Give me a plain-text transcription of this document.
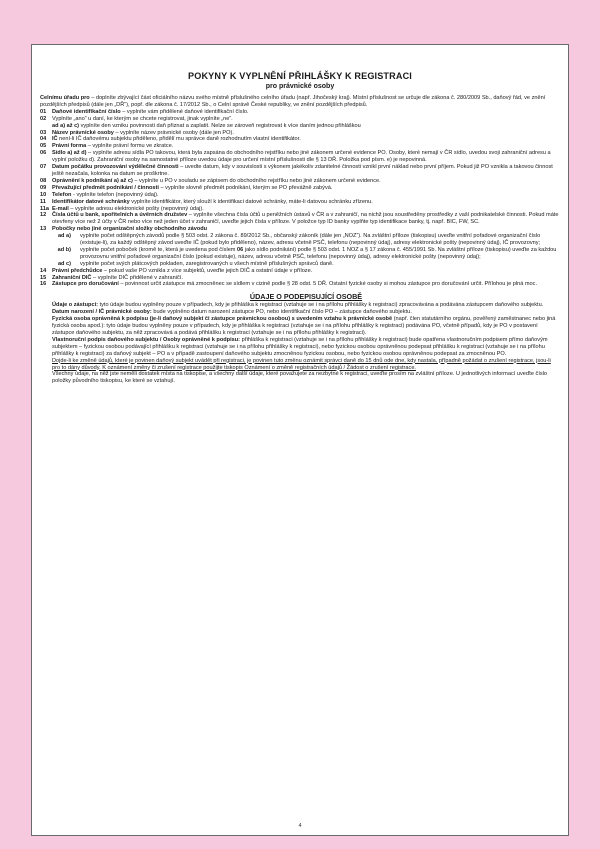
POKYNY K VYPLNĚNÍ PŘIHLÁŠKY K REGISTRACI
pro právnické osoby

Celnímu úřadu pro – doplníte zbývající část oficiálního názvu svého místně příslušného celního úřadu (např. Jihočeský kraj). Místní příslušnost se určuje dle zákona č. 280/2009 Sb., daňový řád, ve znění pozdějších předpisů (dále jen „DŘ“), popř. dle zákona č. 17/2012 Sb., o Celní správě České republiky, ve znění pozdějších předpisů.

01	Daňové identifikační číslo – vyplníte vám přidělené daňové identifikační číslo.
02	Vyplníte „ano“ u daní, ke kterým se chcete registrovat, jinak vyplníte „ne“.
ad a) až c) vyplníte den vzniku povinnosti daň přiznat a zaplatit. Nelze se zároveň registrovat k více daním jednou přihláškou
03	Název právnické osoby – vyplníte název právnické osoby (dále jen PO).
04	IČ není-li IČ daňovému subjektu přiděleno, přidělí mu správce daně rozhodnutím vlastní identifikátor.
05	Právní forma – vyplníte právní formu ve zkratce.
06	Sídlo a) až d) – vyplníte adresu sídla PO takovou, která byla zapsána do obchodního rejstříku nebo jiné zákonem určené evidence PO. Osoby, které nemají v ČR sídlo, uvedou svoji zahraniční adresu a vyplní položku d). Zahraniční osoby na samostatné příloze uvedou údaje pro určení místní příslušnosti dle § 13 DŘ. Položka pod písm. e) je nepovinná.
07	Datum počátku provozování výdělečné činnosti – uvedte datum, kdy v souvislosti s výkonem jakékoliv zdanitelné činnosti vznikl první náklad nebo první příjem. Pokud již PO vznikla a takovou činnost ještě nezačala, kolonka na datum se proškrtne.
08	Oprávnění k podnikání a) až c) – vyplníte u PO v souladu se zápisem do obchodního rejstříku nebo jiné zákonem určené evidence.
09	Převažující předmět podnikání / činnosti – vyplníte slovně předmět podnikání, kterým se PO převážně zabývá.
10	Telefon - vyplníte telefon (nepovinný údaj).
11	Identifikátor datové schránky vyplníte identifikátor, který slouží k identifikaci datové schránky, máte-li datovou schránku zřízenu.
11a E-mail – vyplníte adresu elektronické pošty (nepovinný údaj).
12	Čísla účtů u bank, spořitelních a úvěrních družstev – vyplníte všechna čísla účtů u peněžních ústavů v ČR a v zahraničí, na nichž jsou soustředěny prostředky z vaší podnikatelské činnosti. Pokud máte otevřeny více než 2 účty v ČR nebo více než jeden účet v zahraničí, uveďte jejich čísla v příloze. V položce typ ID banky vyplňte typ identifikace banky, tj. např. BIC, FW, SC.
13	Pobočky nebo jiné organizační složky obchodního závodu
ad a)	vyplníte počet odštěpných závodů podle § 503 odst. 2 zákona č. 89/2012 Sb., občanský zákoník (dále jen „NOZ“). Na zvláštní příloze (tiskopisu) uveďte vnitřní pořadové organizační číslo (existuje-li), za každý odštěpný závod uveďte IČ (pokud bylo přiděleno), název, adresu včetně PSČ, telefonu (nepovinný údaj), adresy elektronické pošty (nepovinný údaj), IČ provozovny;
ad b)	vyplníte počet poboček (kromě te, která je uvedena pod číslem 06 jako sídlo podnikání) podle § 503 odst. 1 NOZ a § 17 zákona č. 455/1991 Sb. Na zvláštní příloze (tiskopisu) uveďte za každou provozovnu vnitřní pořadové organizační číslo (pokud existuje), název, adresu včetně PSČ, telefonu (nepovinný údaj), adresy elektronické pošty (nepovinný údaj);
ad c)	vyplníte počet svých plátcových pokladen, zaregistrovaných u všech místně příslušných správců daně.
14	Právní předchůdce – pokud vaše PO vznikla z více subjektů, uveďte jejich DIČ a ostatní údaje v příloze.
15	Zahraniční DIČ – vyplníte DIČ přidělené v zahraničí.
16	Zástupce pro doručování – povinnost určit zástupce má zmocněnec se sídlem v cizině podle § 28 odst. 5 DŘ. Ostatní fyzické osoby si mohou zástupce pro doručování určit. Přílohou je plná moc.
ÚDAJE O PODEPISUJÍCÍ OSOBĚ

Údaje o zástupci: tyto údaje budou vyplněny pouze v případech, kdy je přihláška k registraci (vztahuje se i na přílohu přihlášky k registraci) zpracovávána a podávána zástupcem daňového subjektu.

Datum narození / IČ právnické osoby: bude vyplněno datum narození zástupce PO, nebo identifikační číslo PO – zástupce daňového subjektu.

Fyzická osoba oprávněná k podpisu (je-li daňový subjekt či zástupce právnickou osobou) s uvedením vztahu k právnické osobě (např. člen statutárního orgánu, pověřený zaměstnanec nebo jiná fyzická osoba apod.): tyto údaje budou vyplněny pouze v případech, kdy je přihláška k registraci (vztahuje se i na přílohu přihlášky k registraci) podávána PO, včetně případů, kdy je PO v postavení zástupce daňového subjektu, za něž zpracovává a podává přihlášku k registraci (vztahuje se i na přílohu přihlášky k registraci).

Vlastnoruční podpis daňového subjektu / Osoby oprávněné k podpisu: přihláška k registraci (vztahuje se i na přílohu přihlášky k registraci) bude opatřena vlastnoručním podpisem přímo daňovým subjektem – fyzickou osobou podávající přihlášku k registraci (vztahuje se i na přílohu přihlášky k registraci), nebo fyzickou osobou oprávněnou podepsat přihlášku k registraci (vztahuje se i na přílohu přihlášky k registraci) za daňový subjekt – PO a v případě zastoupení daňového subjektu zmocněnou fyzickou osobou, nebo fyzickou osobou oprávněnou podepsat za zmocněnou PO.

Dojde-li ke změně údajů, které je povinen daňový subjekt uvádět při registraci, je povinen tuto změnu oznámit správci daně do 15 dnů ode dne, kdy nastala, případně požádat o zrušení registrace, jsou-li pro to dány důvody. K oznámení změny či zrušení registrace použijte tiskopis Oznámení o změně registračních údajů / Žádost o zrušení registrace.

Všechny údaje, na něž jste neměli dostatek místa na tiskopise, a všechny další údaje, které považujete za nezbytné k registraci, uveďte prosím na zvláštní příloze. U jednotlivých informací uveďte číslo položky původního tiskopisu, ke které se vztahují.

4
